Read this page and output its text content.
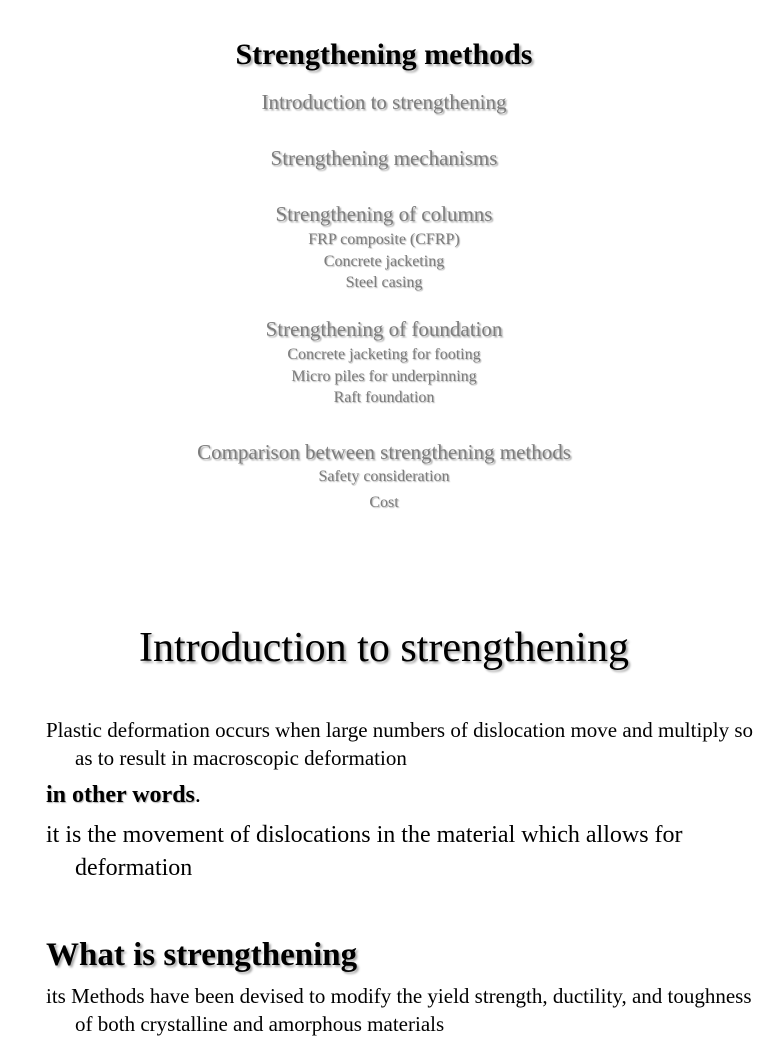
Strengthening methods
Introduction to strengthening
Strengthening mechanisms
Strengthening of columns
FRP composite (CFRP)
Concrete jacketing
Steel casing
Strengthening of foundation
Concrete jacketing for footing
Micro piles for underpinning
Raft foundation
Comparison between strengthening methods
Safety consideration
Cost
Introduction to strengthening
Plastic deformation occurs when large numbers of dislocation move and multiply so as to result in macroscopic deformation
in other words.
it is the movement of dislocations in the material which allows for deformation
What is strengthening
its Methods have been devised to modify the yield strength, ductility, and toughness of both crystalline and amorphous materials
